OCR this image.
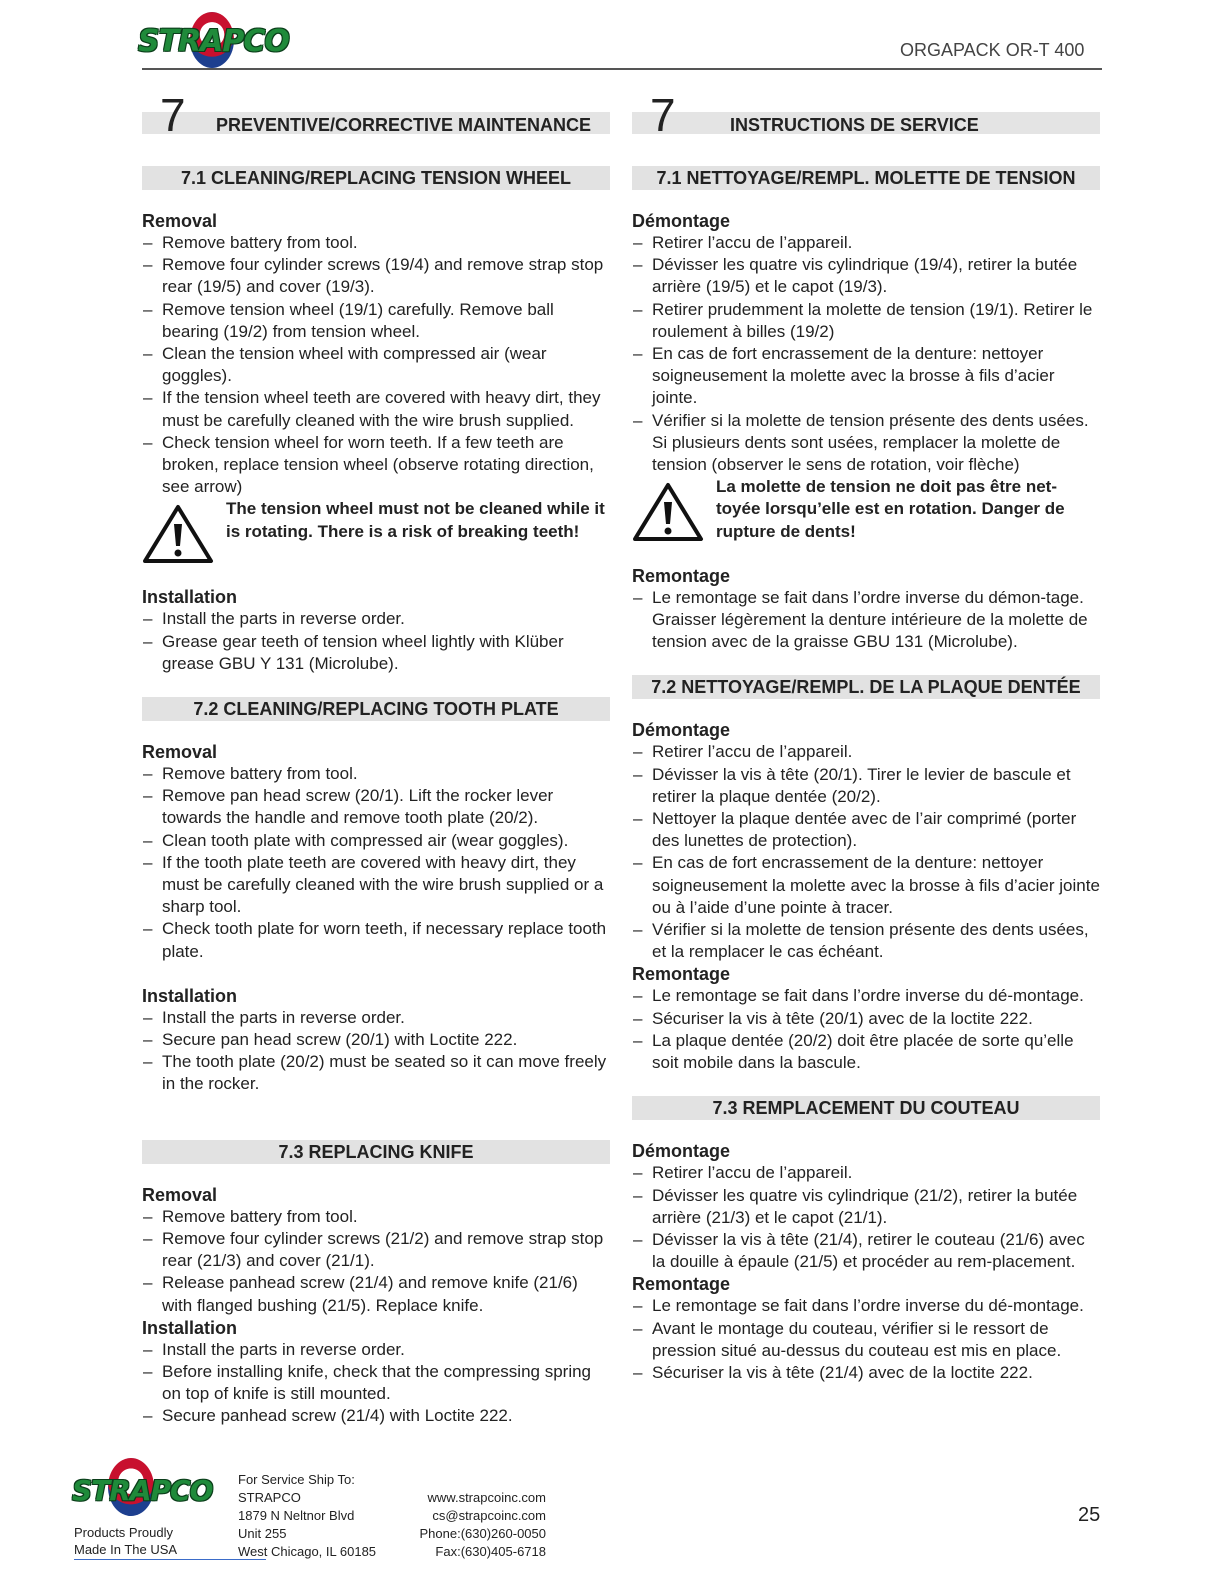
STRAPCO	ORGAPACK OR-T 400
7 PREVENTIVE/CORRECTIVE MAINTENANCE
7.1 CLEANING/REPLACING TENSION WHEEL

Removal

– Remove battery from tool.
– Remove four cylinder screws (19/4) and remove strap stop rear (19/5) and cover (19/3).
– Remove tension wheel (19/1) carefully. Remove ball bearing (19/2) from tension wheel.
– Clean the tension wheel with compressed air (wear goggles).
– If the tension wheel teeth are covered with heavy dirt, they must be carefully cleaned with the wire brush supplied.
– Check tension wheel for worn teeth. If a few teeth are broken, replace tension wheel (observe rotating direction, see arrow)
The tension wheel must not be cleaned while it is rotating. There is a risk of breaking teeth!

Installation

– Install the parts in reverse order.
– Grease gear teeth of tension wheel lightly with Klüber grease GBU Y 131 (Microlube).
7.2 CLEANING/REPLACING TOOTH PLATE

Removal

– Remove battery from tool.
– Remove pan head screw (20/1). Lift the rocker lever towards the handle and remove tooth plate (20/2).
– Clean tooth plate with compressed air (wear goggles).
– If the tooth plate teeth are covered with heavy dirt, they must be carefully cleaned with the wire brush supplied or a sharp tool.
– Check tooth plate for worn teeth, if necessary replace tooth plate.

Installation

– Install the parts in reverse order.
– Secure pan head screw (20/1) with Loctite 222.
– The tooth plate (20/2) must be seated so it can move freely in the rocker.
7.3 REPLACING KNIFE

Removal

– Remove battery from tool.
– Remove four cylinder screws (21/2) and remove strap stop rear (21/3) and cover (21/1).
– Release panhead screw (21/4) and remove knife (21/6) with flanged bushing (21/5). Replace knife.

Installation

– Install the parts in reverse order.
– Before installing knife, check that the compressing spring on top of knife is still mounted.
– Secure panhead screw (21/4) with Loctite 222.
7	INSTRUCTIONS DE SERVICE
7.1 NETTOYAGE/REMPL. MOLETTE DE TENSION

Démontage

– Retirer l’accu de l’appareil.
– Dévisser les quatre vis cylindrique (19/4), retirer la butée arrière (19/5) et le capot (19/3).
– Retirer prudemment la molette de tension (19/1). Retirer le roulement à billes (19/2)
– En cas de fort encrassement de la denture: nettoyer soigneusement la molette avec la brosse à fils d’acier jointe.
– Vérifier si la molette de tension présente des dents usées. Si plusieurs dents sont usées, remplacer la molette de tension (observer le sens de rotation, voir flèche)
La molette de tension ne doit pas être net-toyée lorsqu’elle est en rotation. Danger de rupture de dents!

Remontage

– Le remontage se fait dans l’ordre inverse du démon-tage. Graisser légèrement la denture intérieure de la molette de tension avec de la graisse GBU 131 (Microlube).
7.2 NETTOYAGE/REMPL. DE LA PLAQUE DENTÉE

Démontage

– Retirer l’accu de l’appareil.
– Dévisser la vis à tête (20/1). Tirer le levier de bascule et retirer la plaque dentée (20/2).
– Nettoyer la plaque dentée avec de l’air comprimé (porter des lunettes de protection).
– En cas de fort encrassement de la denture: nettoyer soigneusement la molette avec la brosse à fils d’acier jointe ou à l’aide d’une pointe à tracer.
– Vérifier si la molette de tension présente des dents usées, et la remplacer le cas échéant.

Remontage

– Le remontage se fait dans l’ordre inverse du dé-montage.
– Sécuriser la vis à tête (20/1) avec de la loctite 222.
– La plaque dentée (20/2) doit être placée de sorte qu’elle soit mobile dans la bascule.
7.3 REMPLACEMENT DU COUTEAU

Démontage

– Retirer l’accu de l’appareil.
– Dévisser les quatre vis cylindrique (21/2), retirer la butée arrière (21/3) et le capot (21/1).
– Dévisser la vis à tête (21/4), retirer le couteau (21/6) avec la douille à épaule (21/5) et procéder au rem-placement.

Remontage

– Le remontage se fait dans l’ordre inverse du dé-montage.
– Avant le montage du couteau, vérifier si le ressort de pression situé au-dessus du couteau est mis en place.
– Sécuriser la vis à tête (21/4) avec de la loctite 222.
STRAPCO
Products Proudly
Made In The USA
For Service Ship To:
STRAPCO
1879 N Neltnor Blvd
Unit 255
West Chicago, IL 60185
www.strapcoinc.com
cs@strapcoinc.com
Phone:(630)260-0050
Fax:(630)405-6718
25
